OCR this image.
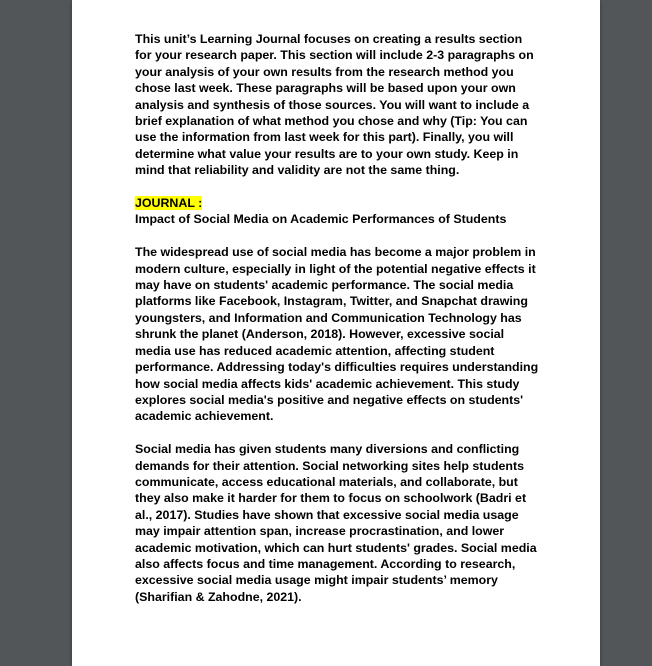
This unit’s Learning Journal focuses on creating a results section for your research paper. This section will include 2-3 paragraphs on your analysis of your own results from the research method you chose last week. These paragraphs will be based upon your own analysis and synthesis of those sources. You will want to include a brief explanation of what method you chose and why (Tip: You can use the information from last week for this part). Finally, you will determine what value your results are to your own study. Keep in mind that reliability and validity are not the same thing.

JOURNAL :

Impact of Social Media on Academic Performances of Students

The widespread use of social media has become a major problem in modern culture, especially in light of the potential negative effects it may have on students' academic performance. The social media platforms like Facebook, Instagram, Twitter, and Snapchat drawing youngsters, and Information and Communication Technology has shrunk the planet (Anderson, 2018). However, excessive social media use has reduced academic attention, affecting student performance. Addressing today's difficulties requires understanding how social media affects kids' academic achievement. This study explores social media's positive and negative effects on students' academic achievement.

Social media has given students many diversions and conflicting demands for their attention. Social networking sites help students communicate, access educational materials, and collaborate, but they also make it harder for them to focus on schoolwork (Badri et al., 2017). Studies have shown that excessive social media usage may impair attention span, increase procrastination, and lower academic motivation, which can hurt students' grades. Social media also affects focus and time management. According to research, excessive social media usage might impair students’ memory (Sharifian & Zahodne, 2021).
